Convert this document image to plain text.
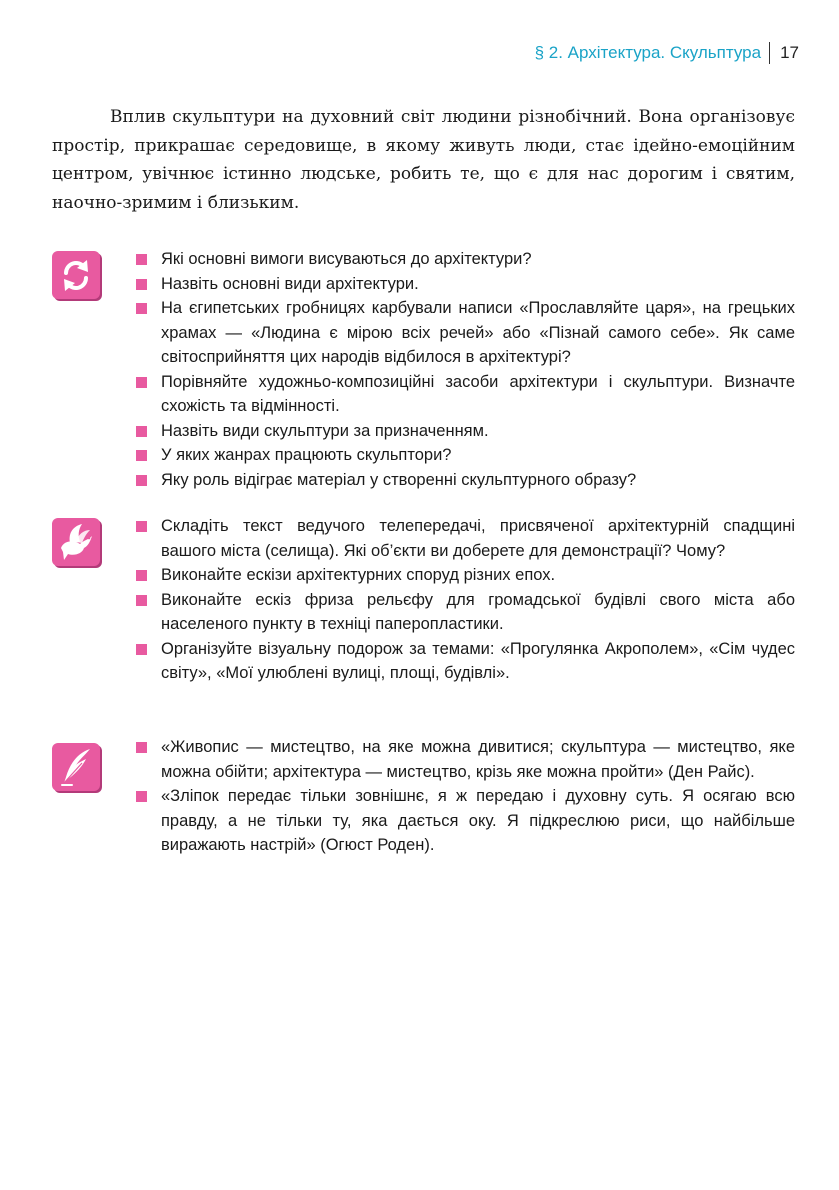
§ 2. Архітектура. Скульптура 17

Вплив скульптури на духовний світ людини різнобічний. Вона організовує простір, прикрашає середовище, в якому живуть люди, стає ідейно-емоційним центром, увічнює істинно людське, робить те, що є для нас дорогим і святим, наочно-зримим і близьким.

Які основні вимоги висуваються до архітектури?
Назвіть основні види архітектури.
На єгипетських гробницях карбували написи «Прославляйте царя», на грецьких храмах — «Людина є мірою всіх речей» або «Пізнай самого себе». Як саме світосприйняття цих народів відбилося в архітектурі?
Порівняйте художньо-композиційні засоби архітектури і скульптури. Визначте схожість та відмінності.
Назвіть види скульптури за призначенням.
У яких жанрах працюють скульптори?
Яку роль відіграє матеріал у створенні скульптурного образу?
Складіть текст ведучого телепередачі, присвяченої архітектурній спадщині вашого міста (селища). Які об’єкти ви доберете для демонстрації? Чому?
Виконайте ескізи архітектурних споруд різних епох.
Виконайте ескіз фриза рельєфу для громадської будівлі свого міста або населеного пункту в техніці паперопластики.
Організуйте візуальну подорож за темами: «Прогулянка Акрополем», «Сім чудес світу», «Мої улюблені вулиці, площі, будівлі».
«Живопис — мистецтво, на яке можна дивитися; скульптура — мистецтво, яке можна обійти; архітектура — мистецтво, крізь яке можна пройти» (Ден Райс).
«Зліпок передає тільки зовнішнє, я ж передаю і духовну суть. Я осягаю всю правду, а не тільки ту, яка дається оку. Я підкреслюю риси, що найбільше виражають настрій» (Огюст Роден).
